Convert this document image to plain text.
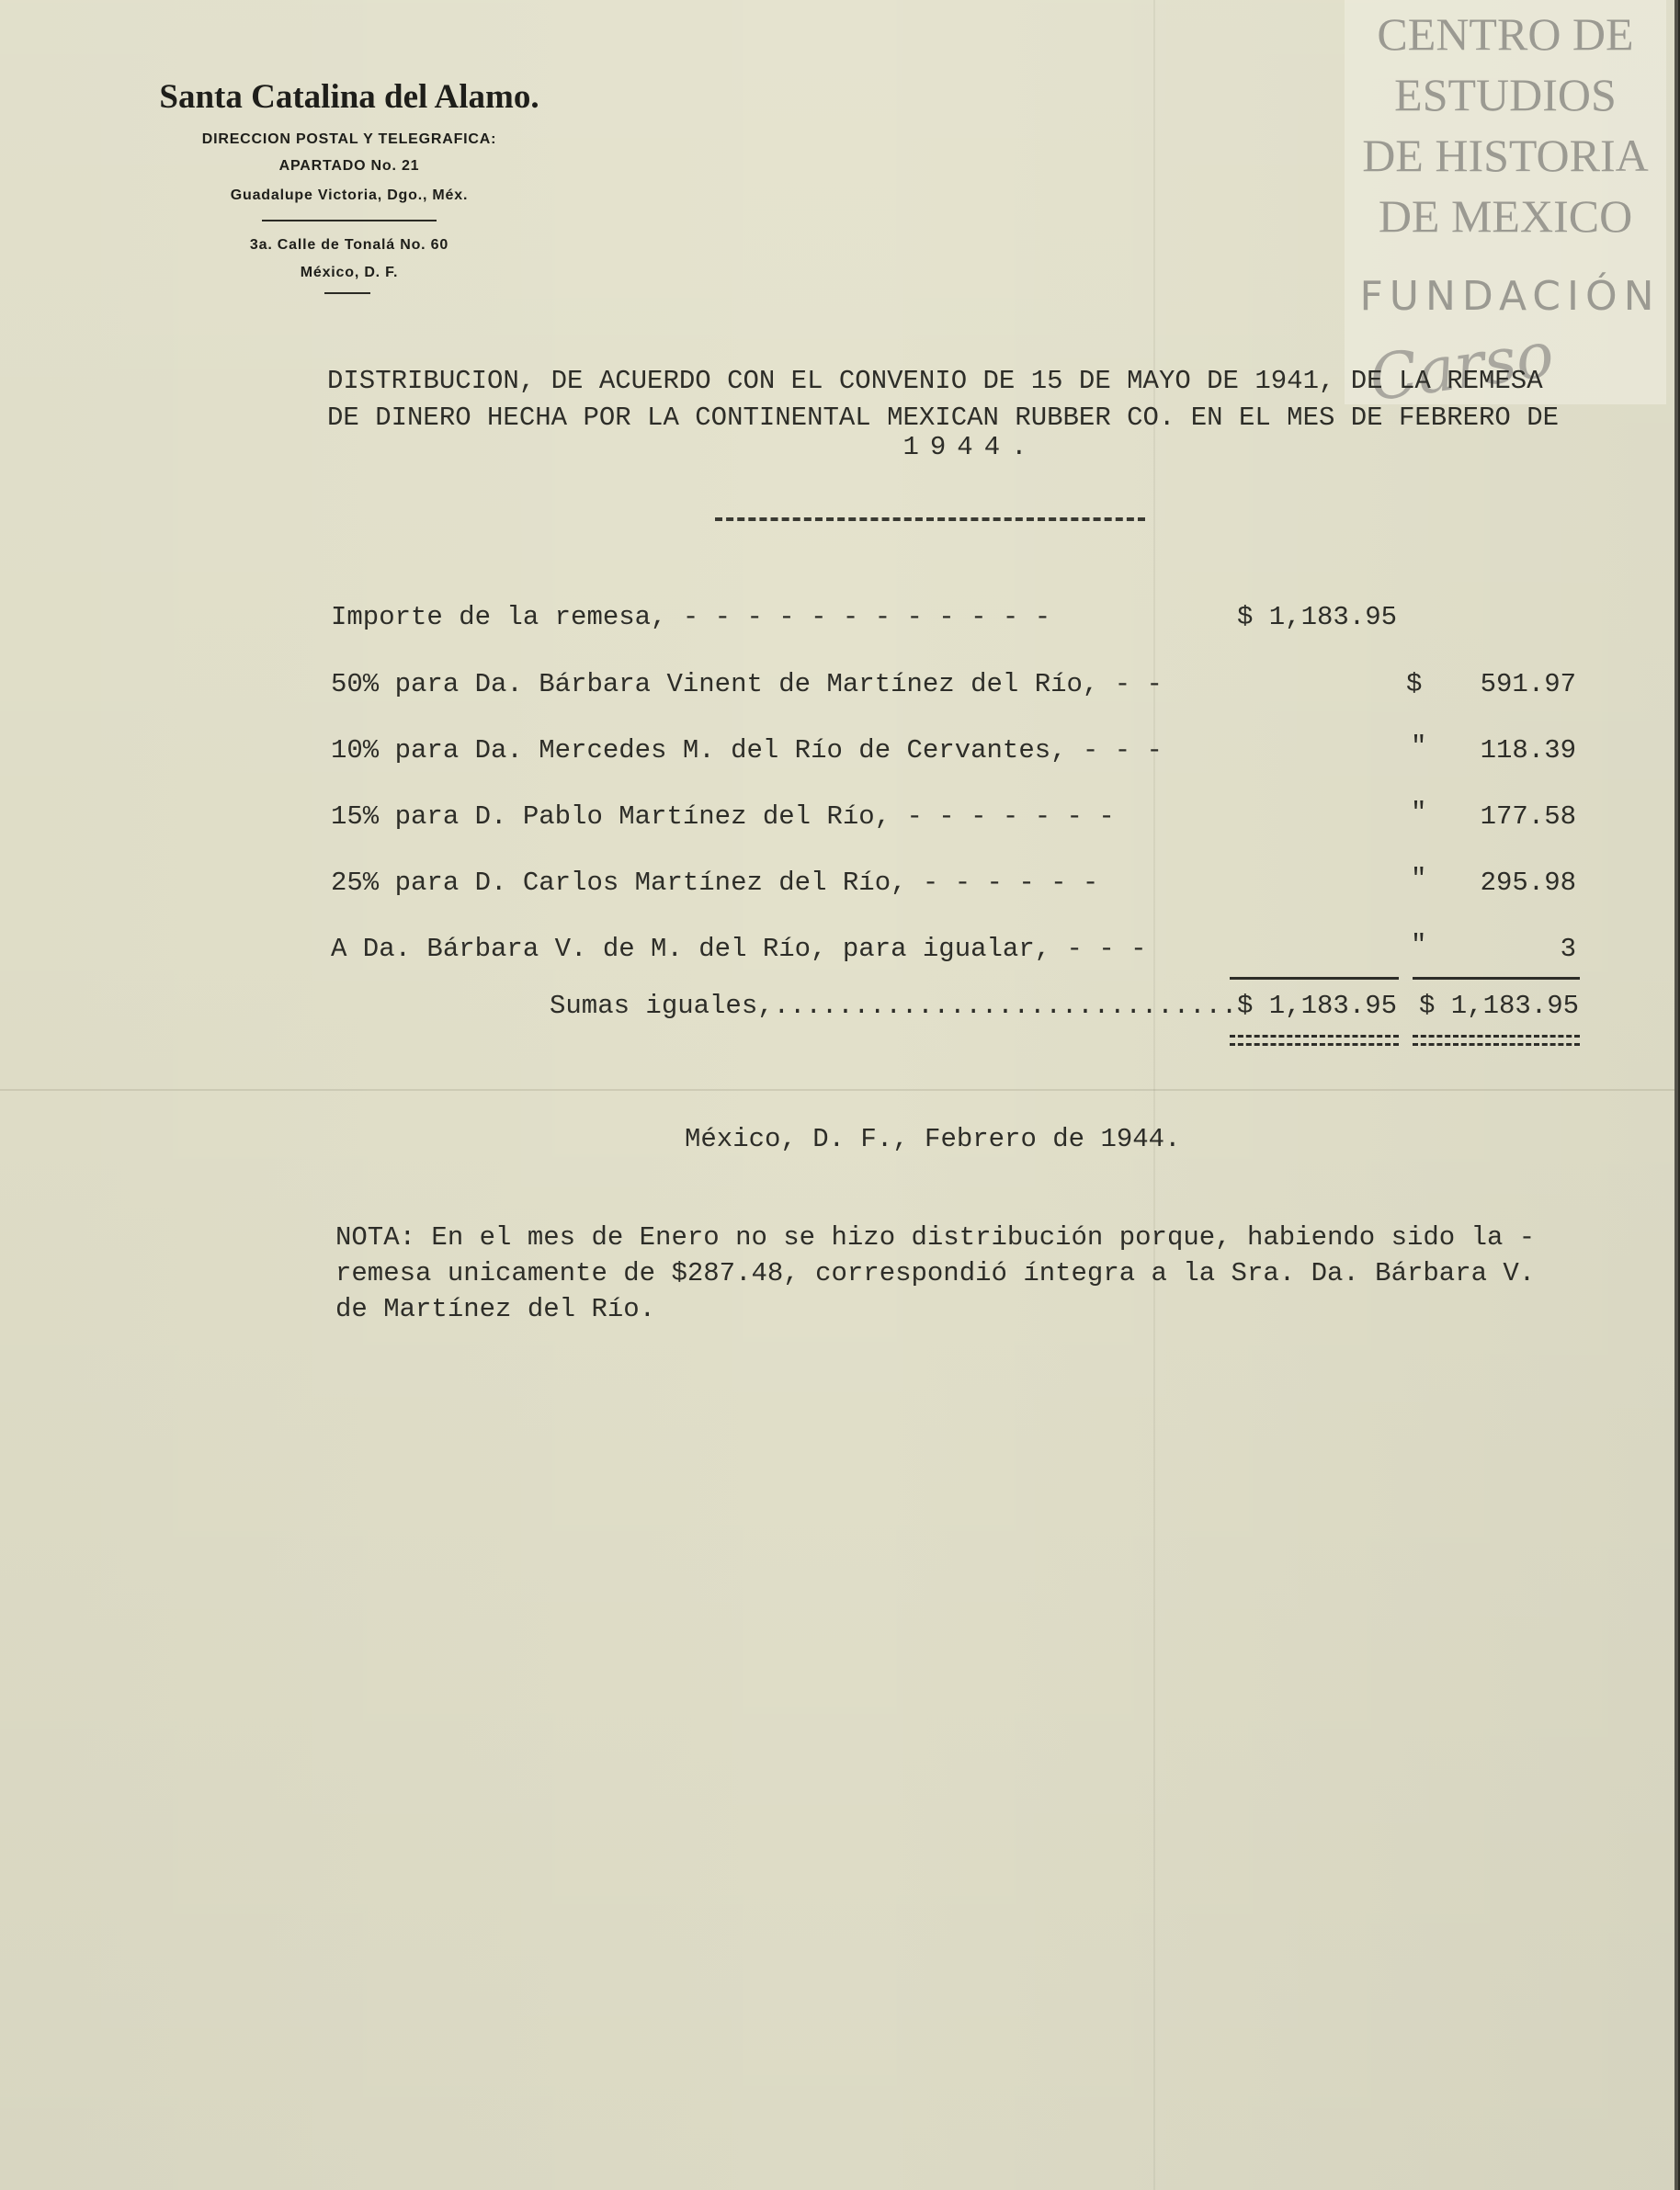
Santa Catalina del Alamo.
DIRECCION POSTAL Y TELEGRAFICA:
APARTADO No. 21
Guadalupe Victoria, Dgo., Méx.
3a. Calle de Tonalá No. 60
México, D. F.
CENTRO DE
ESTUDIOS
DE HISTORIA
DE MEXICO
FUNDACIÓN
Carso
DISTRIBUCION, DE ACUERDO CON EL CONVENIO DE 15 DE MAYO DE 1941, DE LA REMESA
DE DINERO HECHA POR LA CONTINENTAL MEXICAN RUBBER CO. EN EL MES DE FEBRERO DE
1944.
Importe de la remesa, - - - - - - - - - - - -	$ 1,183.95
50% para Da. Bárbara Vinent de Martínez del Río, - -	$	591.97
10% para Da. Mercedes M. del Río de Cervantes, - - -	"	118.39
15% para D. Pablo Martínez del Río, - - - - - - -	"	177.58
25% para D. Carlos Martínez del Río, - - - - - -	"	295.98
A Da. Bárbara V. de M. del Río, para igualar, - - -	"	3
Sumas iguales,............................. $ 1,183.95 $ 1,183.95
México, D. F., Febrero de 1944.
NOTA: En el mes de Enero no se hizo distribución porque, habiendo sido la -
remesa unicamente de $287.48, correspondió íntegra a la Sra. Da. Bárbara V.
de Martínez del Río.
